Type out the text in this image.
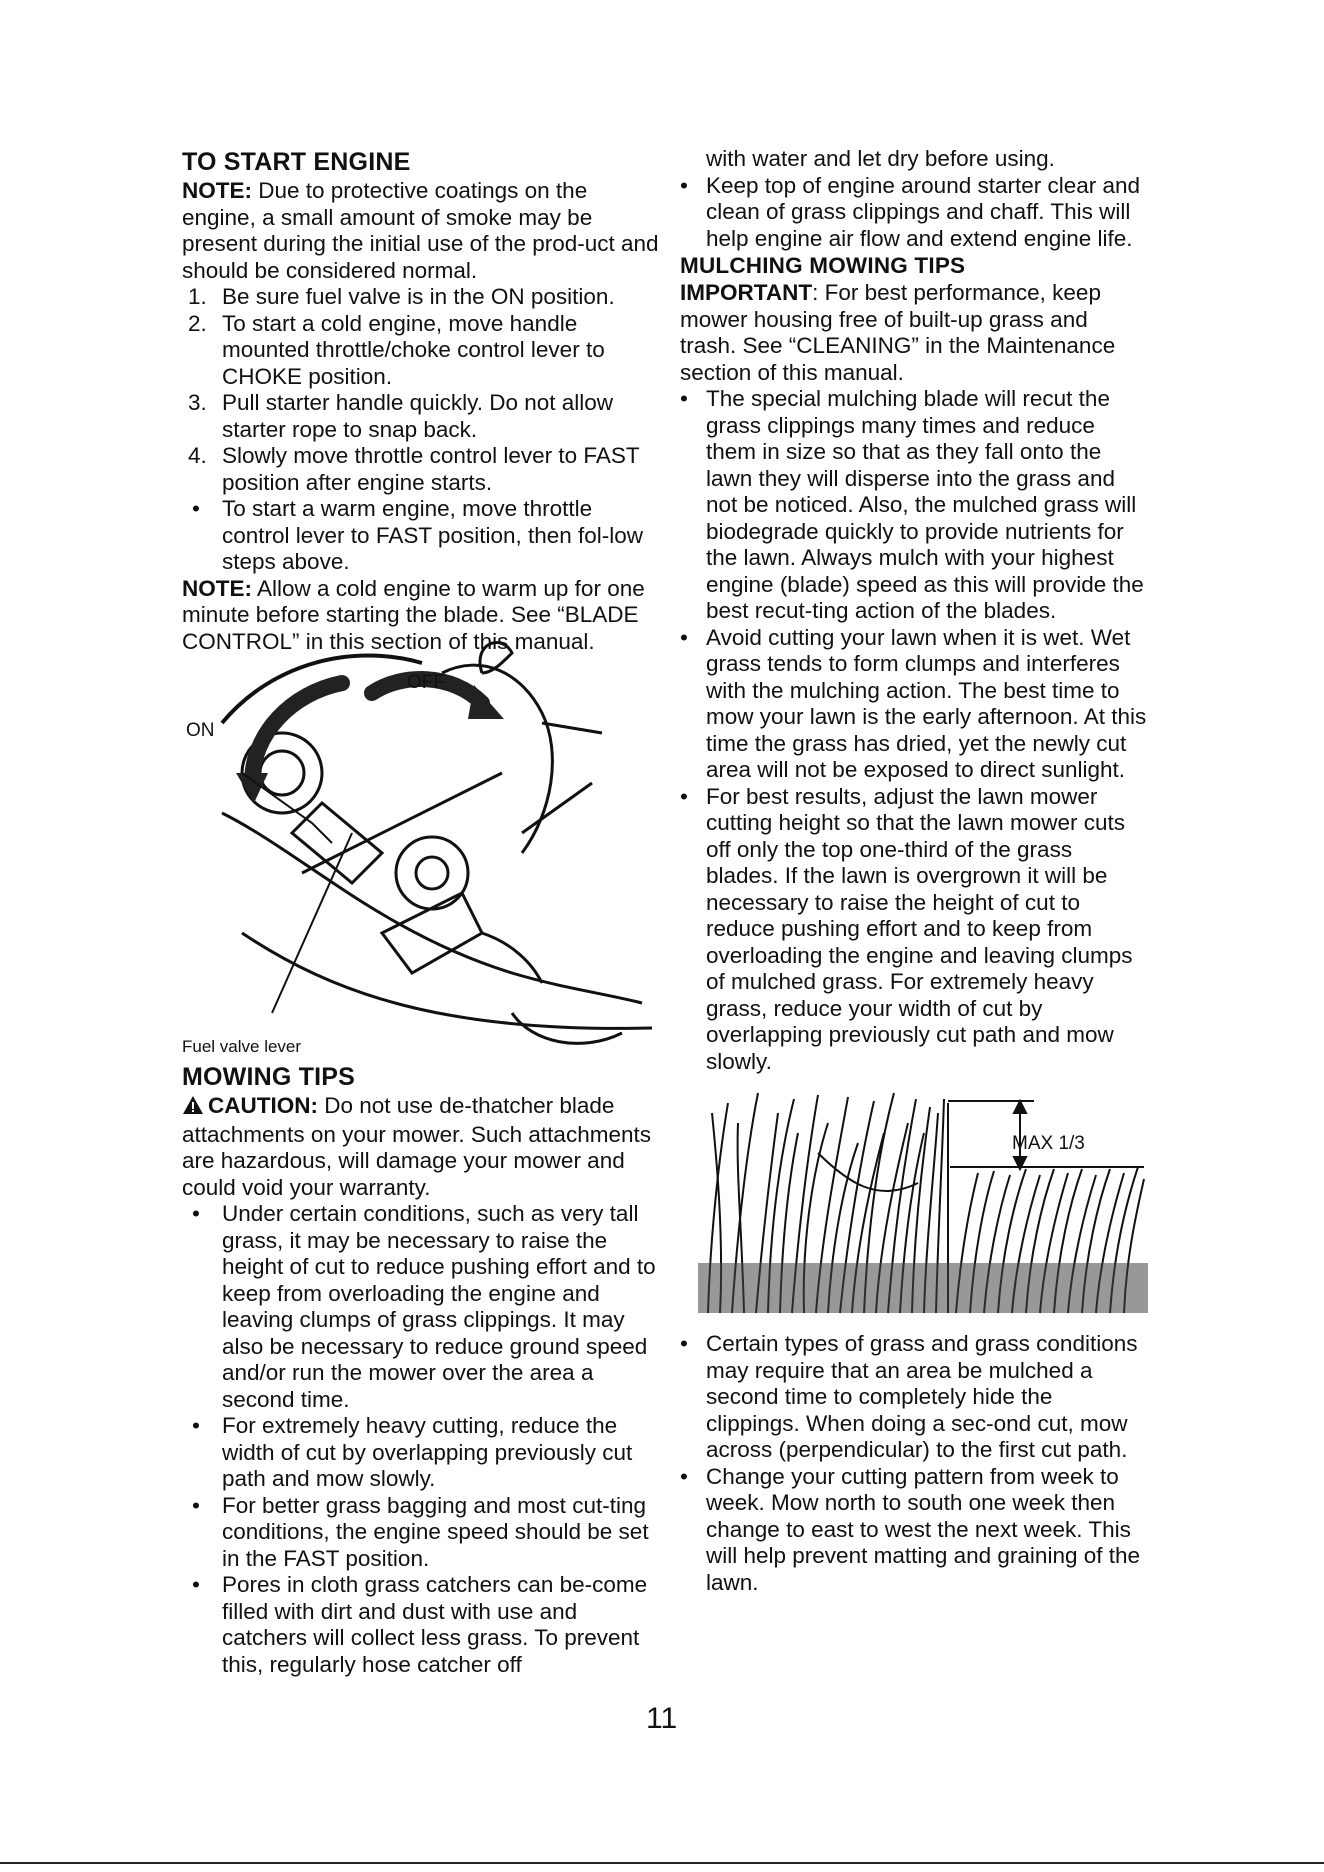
TO START ENGINE

NOTE: Due to protective coatings on the engine, a small amount of smoke may be present during the initial use of the prod-uct and should be considered normal.

1. Be sure fuel valve is in the ON position.
2. To start a cold engine, move handle mounted throttle/choke control lever to CHOKE position.
3. Pull starter handle quickly. Do not allow starter rope to snap back.
4. Slowly move throttle control lever to FAST position after engine starts.
• To start a warm engine, move throttle control lever to FAST position, then fol-low steps above.

NOTE: Allow a cold engine to warm up for one minute before starting the blade. See “BLADE CONTROL” in this section of this manual.

ON
OFF
Fuel valve lever
MOWING TIPS

CAUTION: Do not use de-thatcher blade attachments on your mower. Such attachments are hazardous, will damage your mower and could void your warranty.

• Under certain conditions, such as very tall grass, it may be necessary to raise the height of cut to reduce pushing effort and to keep from overloading the engine and leaving clumps of grass clippings. It may also be necessary to reduce ground speed and/or run the mower over the area a second time.
• For extremely heavy cutting, reduce the width of cut by overlapping previously cut path and mow slowly.
• For better grass bagging and most cut-ting conditions, the engine speed should be set in the FAST position.
• Pores in cloth grass catchers can be-come filled with dirt and dust with use and catchers will collect less grass. To prevent this, regularly hose catcher off

with water and let dry before using.

• Keep top of engine around starter clear and clean of grass clippings and chaff. This will help engine air flow and extend engine life.
MULCHING MOWING TIPS

IMPORTANT: For best performance, keep mower housing free of built-up grass and trash. See “CLEANING” in the Maintenance section of this manual.

• The special mulching blade will recut the grass clippings many times and reduce them in size so that as they fall onto the lawn they will disperse into the grass and not be noticed. Also, the mulched grass will biodegrade quickly to provide nutrients for the lawn. Always mulch with your highest engine (blade) speed as this will provide the best recut-ting action of the blades.
• Avoid cutting your lawn when it is wet. Wet grass tends to form clumps and interferes with the mulching action. The best time to mow your lawn is the early afternoon. At this time the grass has dried, yet the newly cut area will not be exposed to direct sunlight.
• For best results, adjust the lawn mower cutting height so that the lawn mower cuts off only the top one-third of the grass blades. If the lawn is overgrown it will be necessary to raise the height of cut to reduce pushing effort and to keep from overloading the engine and leaving clumps of mulched grass. For extremely heavy grass, reduce your width of cut by overlapping previously cut path and mow slowly.
MAX 1/3
• Certain types of grass and grass conditions may require that an area be mulched a second time to completely hide the clippings. When doing a sec-ond cut, mow across (perpendicular) to the first cut path.
• Change your cutting pattern from week to week. Mow north to south one week then change to east to west the next week. This will help prevent matting and graining of the lawn.
11
